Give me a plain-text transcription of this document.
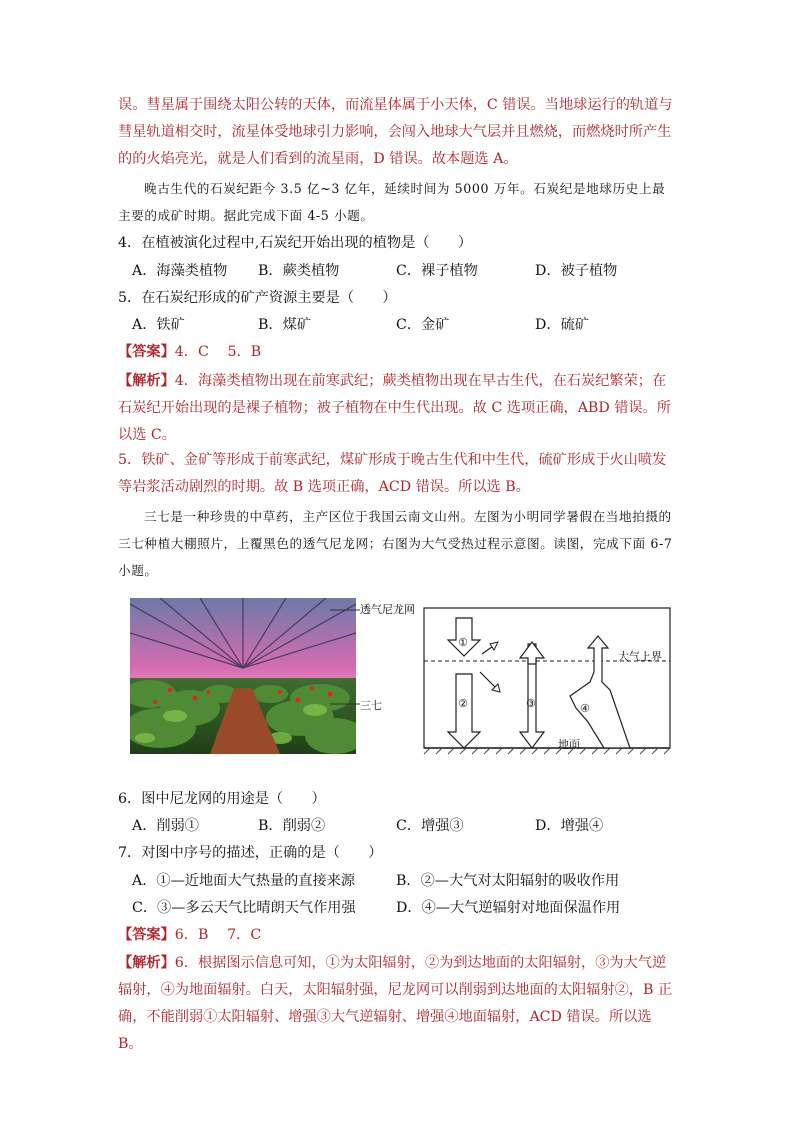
误。彗星属于围绕太阳公转的天体，而流星体属于小天体，C 错误。当地球运行的轨道与彗星轨道相交时，流星体受地球引力影响，会闯入地球大气层并且燃烧，而燃烧时所产生的的火焰亮光，就是人们看到的流星雨，D 错误。故本题选 A。
晚古生代的石炭纪距今 3.5 亿~3 亿年，延续时间为 5000 万年。石炭纪是地球历史上最主要的成矿时期。据此完成下面 4-5 小题。
4．在植被演化过程中,石炭纪开始出现的植物是（　　）
A．海藻类植物 B．蕨类植物	C．裸子植物	D．被子植物
5．在石炭纪形成的矿产资源主要是（　　）
A．铁矿	B．煤矿	C．金矿	D．硫矿
【答案】4．C　 5．B
【解析】4．海藻类植物出现在前寒武纪；蕨类植物出现在早古生代，在石炭纪繁荣；在石炭纪开始出现的是裸子植物；被子植物在中生代出现。故 C 选项正确，ABD 错误。所以选 C。
5．铁矿、金矿等形成于前寒武纪，煤矿形成于晚古生代和中生代，硫矿形成于火山喷发等岩浆活动剧烈的时期。故 B 选项正确，ACD 错误。所以选 B。
三七是一种珍贵的中草药，主产区位于我国云南文山州。左图为小明同学暑假在当地拍摄的三七种植大棚照片，上覆黑色的透气尼龙网；右图为大气受热过程示意图。读图，完成下面 6-7 小题。
透气尼龙网
三七
①
②	③	④
大气上界
地面
6．图中尼龙网的用途是（　　）
A．削弱①	B．削弱②	C．增强③	D．增强④
7．对图中序号的描述，正确的是（　　）
A．①—近地面大气热量的直接来源	B．②—大气对太阳辐射的吸收作用
C．③—多云天气比晴朗天气作用强	D．④—大气逆辐射对地面保温作用
【答案】6．B　 7．C
【解析】6．根据图示信息可知，①为太阳辐射，②为到达地面的太阳辐射，③为大气逆辐射，④为地面辐射。白天，太阳辐射强，尼龙网可以削弱到达地面的太阳辐射②，B 正确，不能削弱①太阳辐射、增强③大气逆辐射、增强④地面辐射，ACD 错误。所以选 B。
